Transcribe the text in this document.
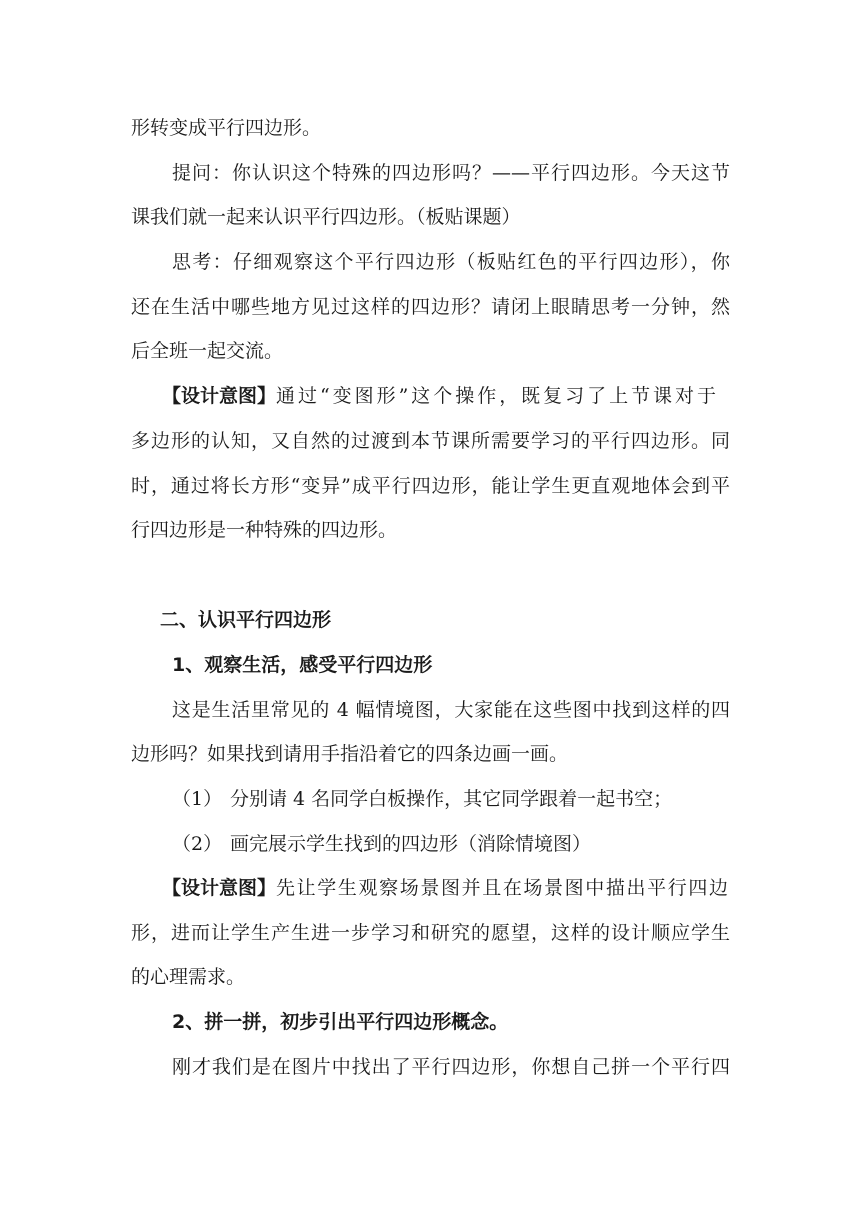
形转变成平行四边形。
提问：你认识这个特殊的四边形吗？——平行四边形。今天这节
课我们就一起来认识平行四边形。（板贴课题）
思考：仔细观察这个平行四边形（板贴红色的平行四边形），你
还在生活中哪些地方见过这样的四边形？请闭上眼睛思考一分钟，然
后全班一起交流。
【设计意图】通过“变图形”这个操作，既复习了上节课对于
多边形的认知，又自然的过渡到本节课所需要学习的平行四边形。同
时，通过将长方形“变异”成平行四边形，能让学生更直观地体会到平
行四边形是一种特殊的四边形。
二、认识平行四边形
1、观察生活，感受平行四边形
这是生活里常见的 4 幅情境图，大家能在这些图中找到这样的四
边形吗？如果找到请用手指沿着它的四条边画一画。
（1） 分别请 4 名同学白板操作，其它同学跟着一起书空；
（2） 画完展示学生找到的四边形（消除情境图）
【设计意图】先让学生观察场景图并且在场景图中描出平行四边
形，进而让学生产生进一步学习和研究的愿望，这样的设计顺应学生
的心理需求。
2、拼一拼，初步引出平行四边形概念。
刚才我们是在图片中找出了平行四边形，你想自己拼一个平行四
